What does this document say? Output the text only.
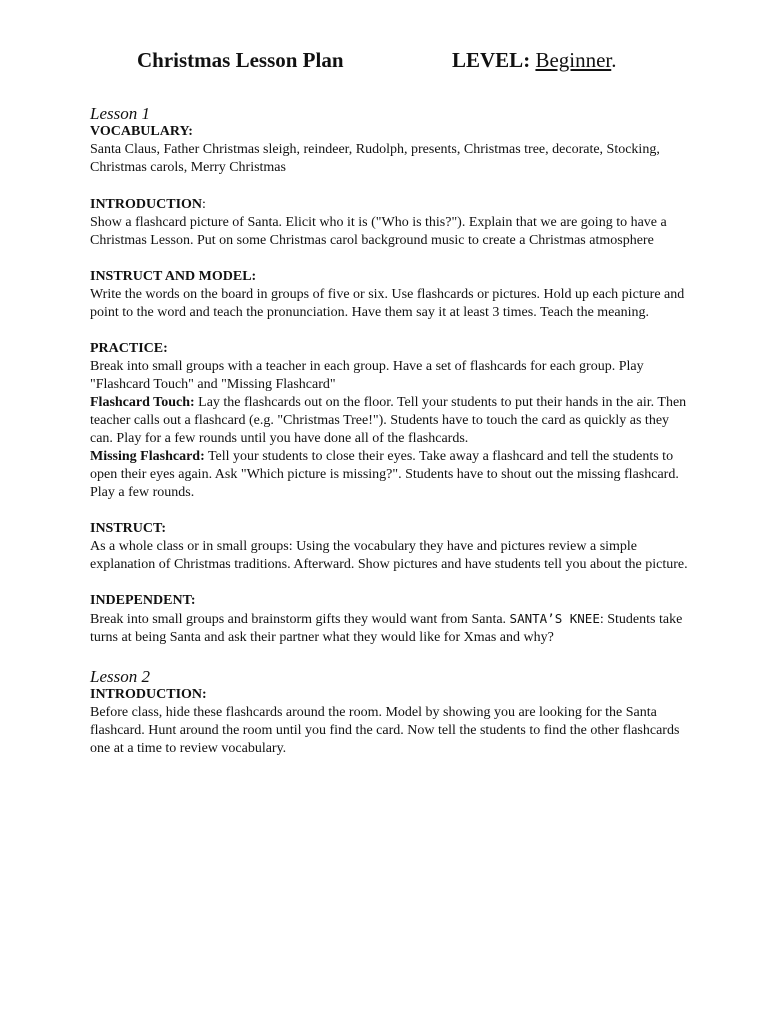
Christmas Lesson Plan	LEVEL: Beginner.
Lesson 1
VOCABULARY:

Santa Claus, Father Christmas sleigh, reindeer, Rudolph, presents, Christmas tree, decorate, Stocking, Christmas carols, Merry Christmas

INTRODUCTION:

Show a flashcard picture of Santa. Elicit who it is ("Who is this?"). Explain that we are going to have a Christmas Lesson. Put on some Christmas carol background music to create a Christmas atmosphere

INSTRUCT AND MODEL:

Write the words on the board in groups of five or six. Use flashcards or pictures. Hold up each picture and point to the word and teach the pronunciation. Have them say it at least 3 times. Teach the meaning.

PRACTICE:

Break into small groups with a teacher in each group. Have a set of flashcards for each group. Play "Flashcard Touch" and "Missing Flashcard"

Flashcard Touch: Lay the flashcards out on the floor. Tell your students to put their hands in the air. Then teacher calls out a flashcard (e.g. "Christmas Tree!"). Students have to touch the card as quickly as they can. Play for a few rounds until you have done all of the flashcards.

Missing Flashcard: Tell your students to close their eyes. Take away a flashcard and tell the students to open their eyes again. Ask "Which picture is missing?". Students have to shout out the missing flashcard. Play a few rounds.

INSTRUCT:

As a whole class or in small groups: Using the vocabulary they have and pictures review a simple explanation of Christmas traditions. Afterward. Show pictures and have students tell you about the picture.

INDEPENDENT:

Break into small groups and brainstorm gifts they would want from Santa. SANTA’S KNEE: Students take turns at being Santa and ask their partner what they would like for Xmas and why?

Lesson 2
INTRODUCTION:

Before class, hide these flashcards around the room. Model by showing you are looking for the Santa flashcard. Hunt around the room until you find the card. Now tell the students to find the other flashcards one at a time to review vocabulary.
